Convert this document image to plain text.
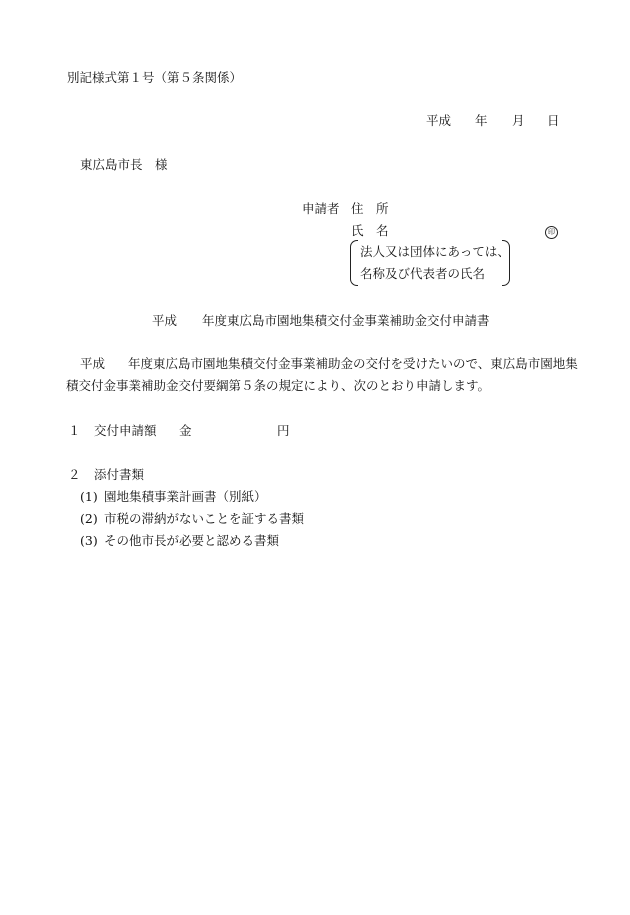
別記様式第１号（第５条関係）
平成 年 月 日
東広島市長　様
申請者 住　所
氏　名	印
法人又は団体にあっては、
名称及び代表者の氏名
平成 年度東広島市園地集積交付金事業補助金交付申請書
平成 年度東広島市園地集積交付金事業補助金の交付を受けたいので、東広島市園地集
積交付金事業補助金交付要綱第５条の規定により、次のとおり申請します。
１ 交付申請額 金	円
２ 添付書類
(1) 園地集積事業計画書（別紙）
(2) 市税の滞納がないことを証する書類
(3) その他市長が必要と認める書類
